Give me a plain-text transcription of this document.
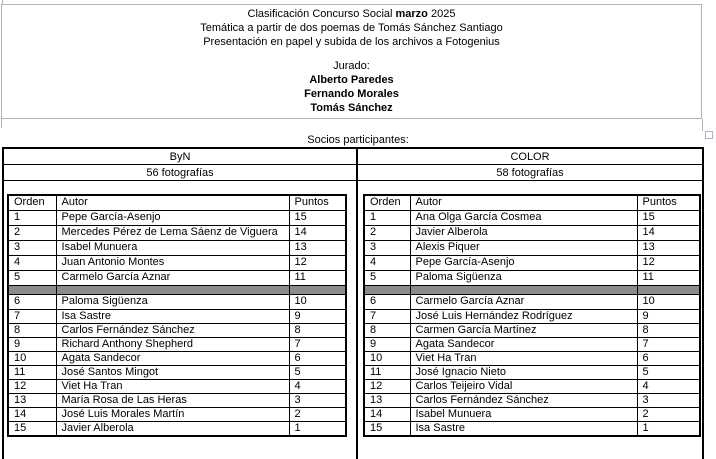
Clasificación Concurso Social marzo 2025
Temática a partir de dos poemas de Tomás Sánchez Santiago
Presentación en papel y subida de los archivos a Fotogenius
Jurado:
Alberto Paredes
Fernando Morales
Tomás Sánchez
Socios participantes:
ByN
56 fotografías
Orden	Autor	Puntos
1	Pepe García-Asenjo	15
2	Mercedes Pérez de Lema Sáenz de Viguera	14
3	Isabel Munuera	13
4	Juan Antonio Montes	12
5	Carmelo García Aznar	11

6	Paloma Sigüenza	10
7	Isa Sastre	9
8	Carlos Fernández Sánchez	8
9	Richard Anthony Shepherd	7
10	Agata Sandecor	6
11	José Santos Mingot	5
12	Viet Ha Tran	4
13	María Rosa de Las Heras	3
14	José Luis Morales Martín	2
15	Javier Alberola	1
COLOR
58 fotografías
Orden	Autor	Puntos
1	Ana Olga García Cosmea	15
2	Javier Alberola	14
3	Alexis Piquer	13
4	Pepe García-Asenjo	12
5	Paloma Sigüenza	11

6	Carmelo García Aznar	10
7	José Luis Hernández Rodríguez	9
8	Carmen García Martínez	8
9	Agata Sandecor	7
10	Viet Ha Tran	6
11	José Ignacio Nieto	5
12	Carlos Teijeiro Vidal	4
13	Carlos Fernández Sánchez	3
14	Isabel Munuera	2
15	Isa Sastre	1
